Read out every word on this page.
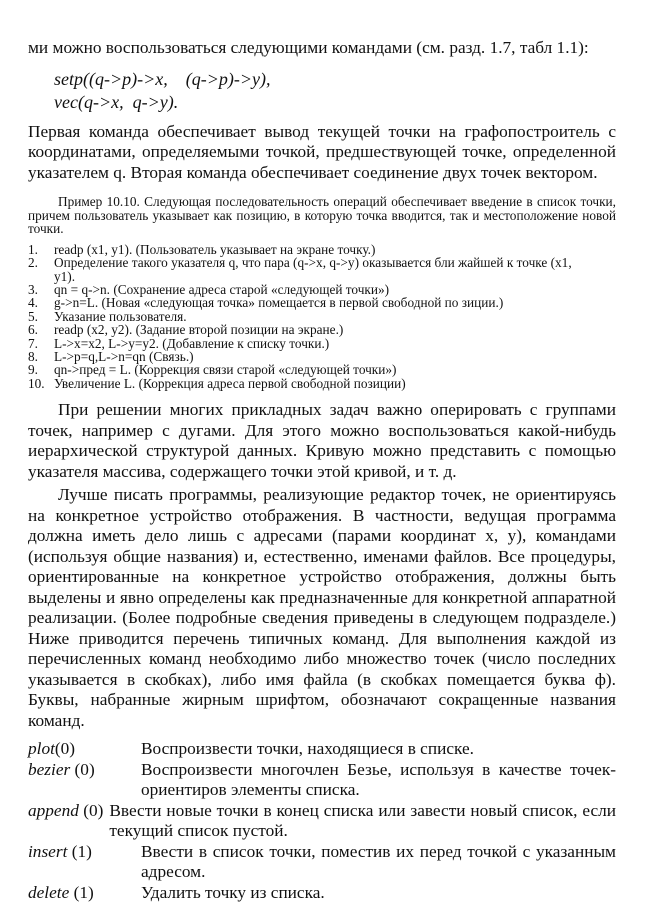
ми можно воспользоваться следующими командами (см. разд. 1.7, табл 1.1):

setp((q->p)->x,    (q->p)->y),
vec(q->x,  q->y).

Первая команда обеспечивает вывод текущей точки на графопостроитель с координатами, определяемыми точкой, предшествующей точке, определенной указателем q. Вторая команда обеспечивает соединение двух точек вектором.

Пример 10.10. Следующая последовательность операций обеспечивает введение в список точки, причем пользователь указывает как позицию, в которую точка вводится, так и местоположение новой точки.

1.	readp (x1, y1). (Пользователь указывает на экране точку.)
2.	Определение такого указателя q, что пара (q->x, q->y) оказывается бли жайшей к точке (x1, y1).
3.	qn = q->n. (Сохранение адреса старой «следующей точки»)
4.	g->n=L. (Новая «следующая точка» помещается в первой свободной по зиции.)
5.	Указание пользователя.
6.	readp (x2, y2). (Задание второй позиции на экране.)
7.	L->x=x2, L->y=y2. (Добавление к списку точки.)
8.	L->p=q,L->n=qn (Связь.)
9.	qn->пред = L. (Коррекция связи старой «следующей точки»)
10. Увеличение L. (Коррекция адреса первой свободной позиции)

При решении многих прикладных задач важно оперировать с группами точек, например с дугами. Для этого можно воспользоваться какой-нибудь иерархической структурой данных. Кривую можно представить с помощью указателя массива, содержащего точки этой кривой, и т. д.

Лучше писать программы, реализующие редактор точек, не ориентируясь на конкретное устройство отображения. В частности, ведущая программа должна иметь дело лишь с адресами (парами координат x, y), командами (используя общие названия) и, естественно, именами файлов. Все процедуры, ориентированные на конкретное устройство отображения, должны быть выделены и явно определены как предназначенные для конкретной аппаратной реализации. (Более подробные сведения приведены в следующем подразделе.) Ниже приводится перечень типичных команд. Для выполнения каждой из перечисленных команд необходимо либо множество точек (число последних указывается в скобках), либо имя файла (в скобках помещается буква ф). Буквы, набранные жирным шрифтом, обозначают сокращенные названия команд.

plot(0)	Воспроизвести точки, находящиеся в списке.
bezier (0)	Воспроизвести многочлен Безье, используя в качестве точек-ориентиров элементы списка.
append (0) Ввести новые точки в конец списка или завести новый список, если текущий список пустой.
insert (1)	Ввести в список точки, поместив их перед точкой с указанным адресом.
delete (1)	Удалить точку из списка.
